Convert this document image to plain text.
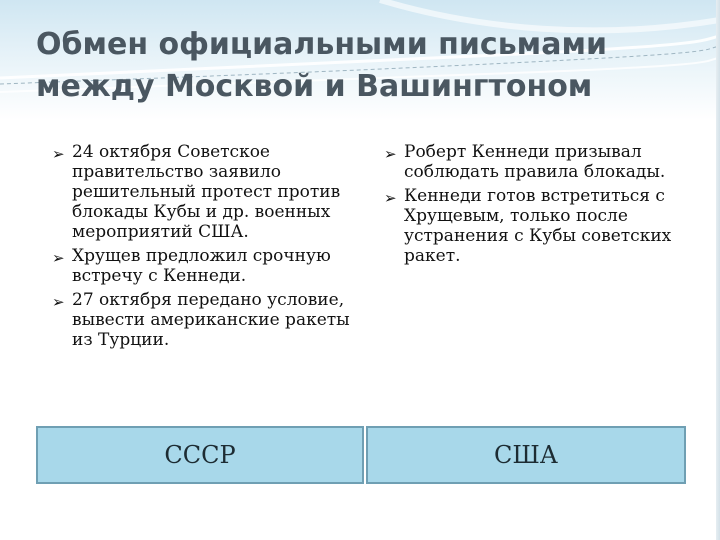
Обмен официальными письмами
между Москвой и Вашингтоном
➢ 24 октября Советское правительство заявило решительный протест против блокады Кубы и др. военных мероприятий США.
➢ Хрущев предложил срочную встречу с Кеннеди.
➢ 27 октября передано условие, вывести американские ракеты из Турции.
➢ Роберт Кеннеди призывал соблюдать правила блокады.
➢ Кеннеди готов встретиться с Хрущевым, только после устранения с Кубы советских ракет.
СССР	США
